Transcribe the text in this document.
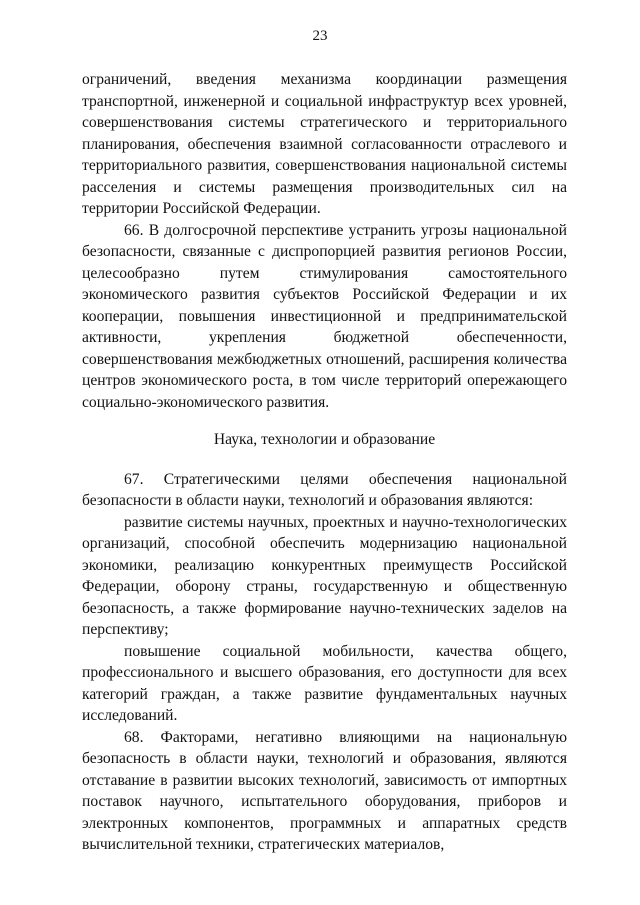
23

ограничений, введения механизма координации размещения транспортной, инженерной и социальной инфраструктур всех уровней, совершенствования системы стратегического и территориального планирования, обеспечения взаимной согласованности отраслевого и территориального развития, совершенствования национальной системы расселения и системы размещения производительных сил на территории Российской Федерации.

66. В долгосрочной перспективе устранить угрозы национальной безопасности, связанные с диспропорцией развития регионов России, целесообразно путем стимулирования самостоятельного экономического развития субъектов Российской Федерации и их кооперации, повышения инвестиционной и предпринимательской активности, укрепления бюджетной обеспеченности, совершенствования межбюджетных отношений, расширения количества центров экономического роста, в том числе территорий опережающего социально-экономического развития.

Наука, технологии и образование

67. Стратегическими целями обеспечения национальной безопасности в области науки, технологий и образования являются:

развитие системы научных, проектных и научно-технологических организаций, способной обеспечить модернизацию национальной экономики, реализацию конкурентных преимуществ Российской Федерации, оборону страны, государственную и общественную безопасность, а также формирование научно-технических заделов на перспективу;

повышение социальной мобильности, качества общего, профессионального и высшего образования, его доступности для всех категорий граждан, а также развитие фундаментальных научных исследований.

68. Факторами, негативно влияющими на национальную безопасность в области науки, технологий и образования, являются отставание в развитии высоких технологий, зависимость от импортных поставок научного, испытательного оборудования, приборов и электронных компонентов, программных и аппаратных средств вычислительной техники, стратегических материалов,
